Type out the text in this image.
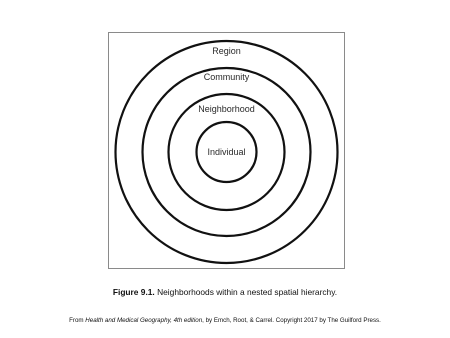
Region
Community
Neighborhood
Individual
Figure 9.1. Neighborhoods within a nested spatial hierarchy.
From Health and Medical Geography, 4th edition, by Emch, Root, & Carrel. Copyright 2017 by The Guilford Press.
